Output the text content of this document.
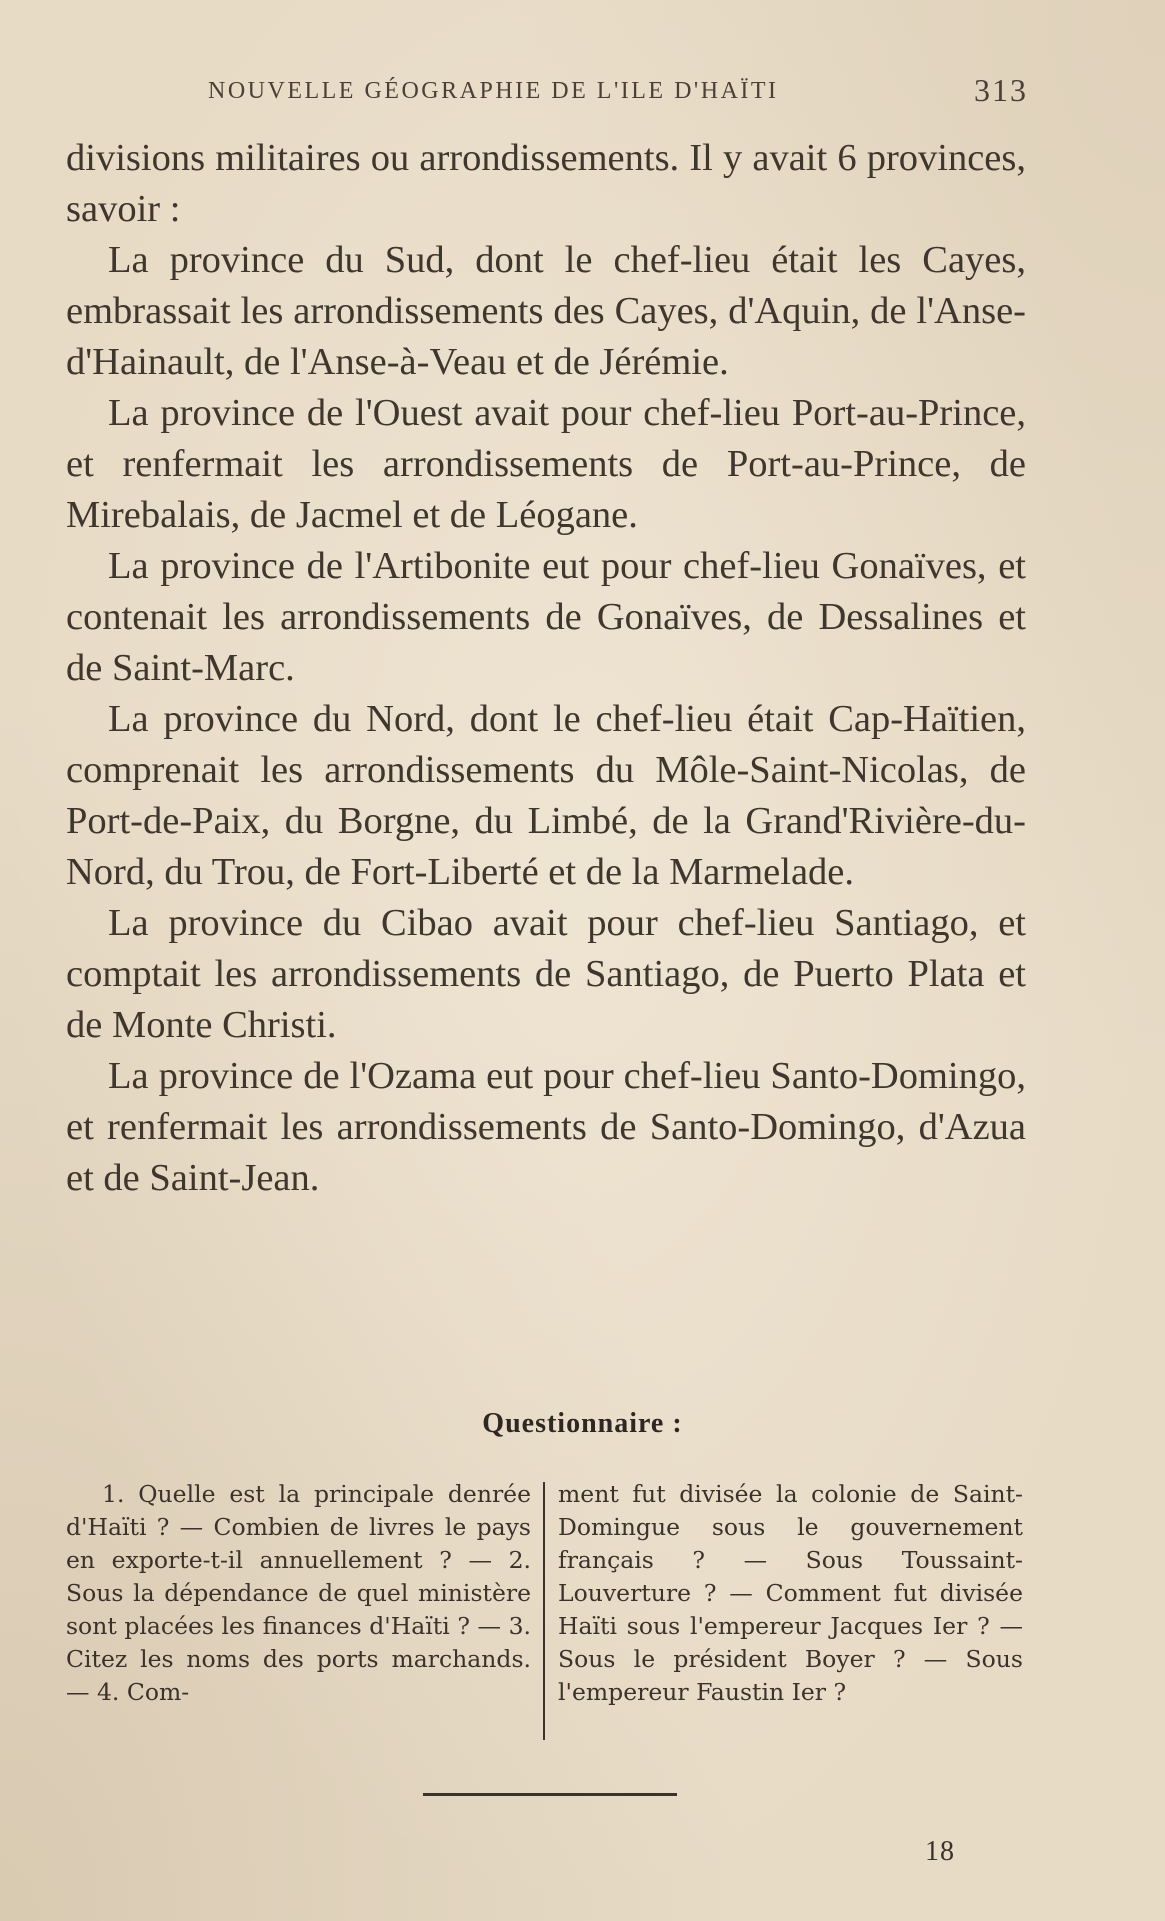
NOUVELLE GÉOGRAPHIE DE L'ILE D'HAÏTI	313

divisions militaires ou arrondissements. Il y avait 6 provinces, savoir :

La province du Sud, dont le chef-lieu était les Cayes, embrassait les arrondissements des Cayes, d'Aquin, de l'Anse-d'Hainault, de l'Anse-à-Veau et de Jérémie.

La province de l'Ouest avait pour chef-lieu Port-au-Prince, et renfermait les arrondissements de Port-au-Prince, de Mirebalais, de Jacmel et de Léogane.

La province de l'Artibonite eut pour chef-lieu Gonaïves, et contenait les arrondissements de Gonaïves, de Dessalines et de Saint-Marc.

La province du Nord, dont le chef-lieu était Cap-Haïtien, comprenait les arrondissements du Môle-Saint-Nicolas, de Port-de-Paix, du Borgne, du Limbé, de la Grand'Rivière-du-Nord, du Trou, de Fort-Liberté et de la Marmelade.

La province du Cibao avait pour chef-lieu Santiago, et comptait les arrondissements de Santiago, de Puerto Plata et de Monte Christi.

La province de l'Ozama eut pour chef-lieu Santo-Domingo, et renfermait les arrondissements de Santo-Domingo, d'Azua et de Saint-Jean.

Questionnaire :
1. Quelle est la principale denrée d'Haïti ? — Combien de livres le pays en exporte-t-il annuellement ? — 2. Sous la dépendance de quel ministère sont placées les finances d'Haïti ? — 3. Citez les noms des ports marchands. — 4. Com-
ment fut divisée la colonie de Saint-Domingue sous le gouvernement français ? — Sous Toussaint-Louverture ? — Comment fut divisée Haïti sous l'empereur Jacques Ier ? — Sous le président Boyer ? — Sous l'empereur Faustin Ier ?
18
